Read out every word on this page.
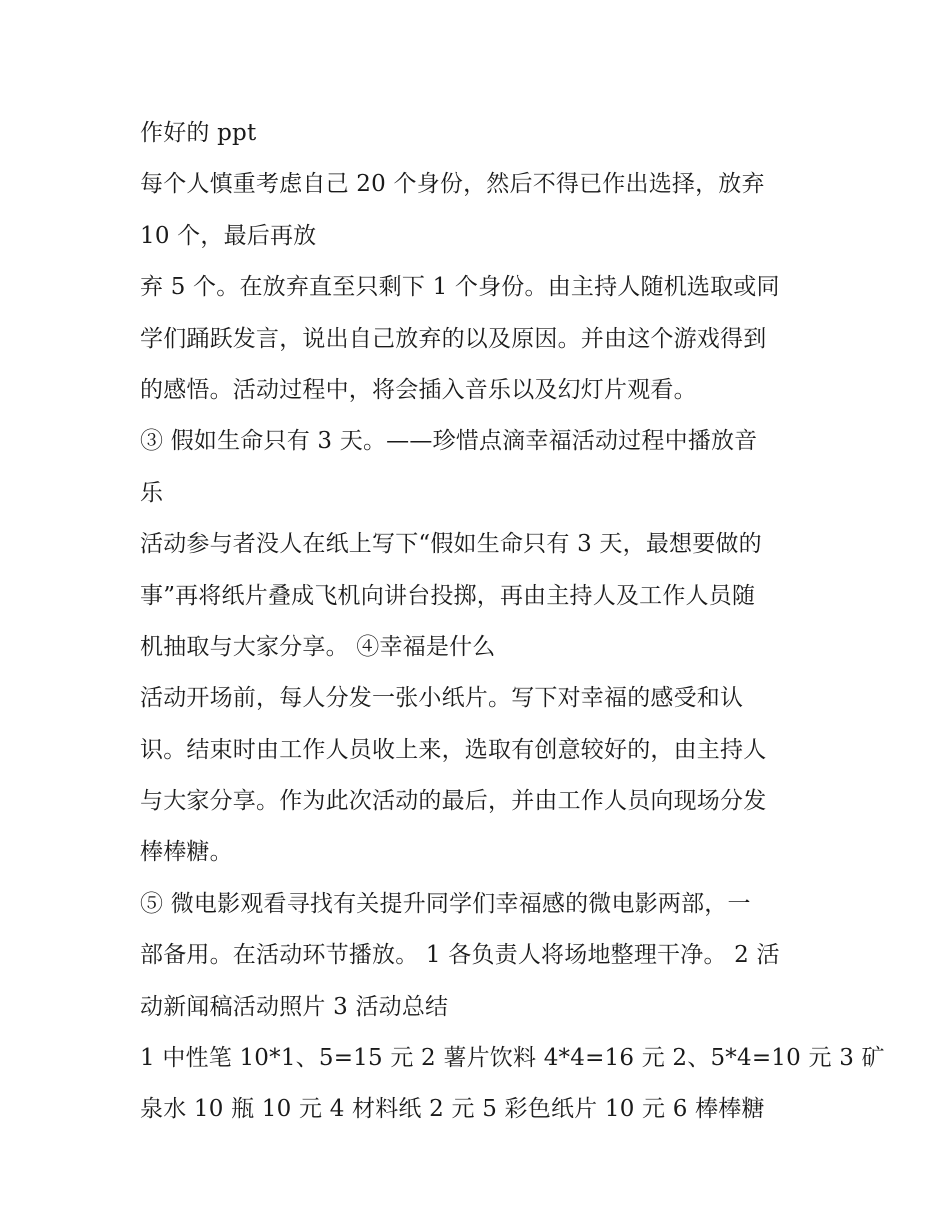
作好的 ppt
每个人慎重考虑自己 20 个身份，然后不得已作出选择，放弃
10 个，最后再放
弃 5 个。在放弃直至只剩下 1 个身份。由主持人随机选取或同
学们踊跃发言，说出自己放弃的以及原因。并由这个游戏得到
的感悟。活动过程中，将会插入音乐以及幻灯片观看。
③ 假如生命只有 3 天。——珍惜点滴幸福活动过程中播放音
乐
活动参与者没人在纸上写下“假如生命只有 3 天，最想要做的
事”再将纸片叠成飞机向讲台投掷，再由主持人及工作人员随
机抽取与大家分享。 ④幸福是什么
活动开场前，每人分发一张小纸片。写下对幸福的感受和认
识。结束时由工作人员收上来，选取有创意较好的，由主持人
与大家分享。作为此次活动的最后，并由工作人员向现场分发
棒棒糖。
⑤ 微电影观看寻找有关提升同学们幸福感的微电影两部，一
部备用。在活动环节播放。 1 各负责人将场地整理干净。 2 活
动新闻稿活动照片 3 活动总结
1 中性笔 10*1、5=15 元 2 薯片饮料 4*4=16 元 2、5*4=10 元 3 矿
泉水 10 瓶 10 元 4 材料纸 2 元 5 彩色纸片 10 元 6 棒棒糖
